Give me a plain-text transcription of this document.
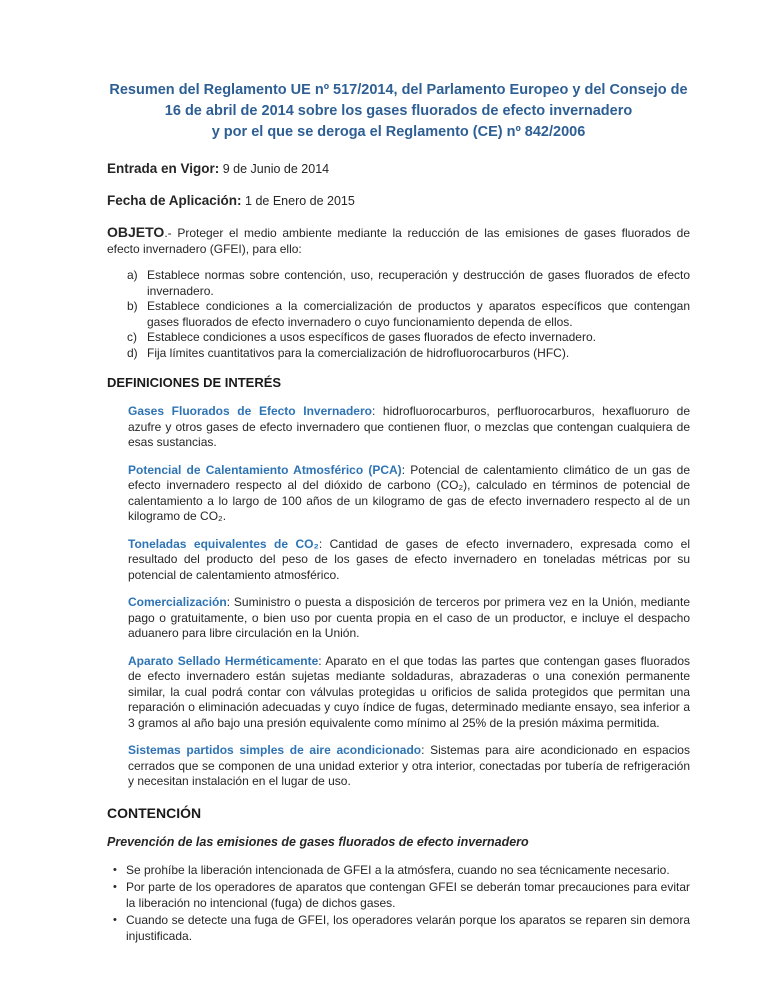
Resumen del Reglamento UE nº 517/2014, del Parlamento Europeo y del Consejo de
16 de abril de 2014 sobre los gases fluorados de efecto invernadero
y por el que se deroga el Reglamento (CE) nº 842/2006
Entrada en Vigor: 9 de Junio de 2014
Fecha de Aplicación: 1 de Enero de 2015

OBJETO.- Proteger el medio ambiente mediante la reducción de las emisiones de gases fluorados de efecto invernadero (GFEI), para ello:

a) Establece normas sobre contención, uso, recuperación y destrucción de gases fluorados de efecto invernadero.
b) Establece condiciones a la comercialización de productos y aparatos específicos que contengan gases fluorados de efecto invernadero o cuyo funcionamiento dependa de ellos.
c) Establece condiciones a usos específicos de gases fluorados de efecto invernadero.
d) Fija límites cuantitativos para la comercialización de hidrofluorocarburos (HFC).
DEFINICIONES DE INTERÉS

Gases Fluorados de Efecto Invernadero: hidrofluorocarburos, perfluorocarburos, hexafluoruro de azufre y otros gases de efecto invernadero que contienen fluor, o mezclas que contengan cualquiera de esas sustancias.

Potencial de Calentamiento Atmosférico (PCA): Potencial de calentamiento climático de un gas de efecto invernadero respecto al del dióxido de carbono (CO₂), calculado en términos de potencial de calentamiento a lo largo de 100 años de un kilogramo de gas de efecto invernadero respecto al de un kilogramo de CO₂.

Toneladas equivalentes de CO₂: Cantidad de gases de efecto invernadero, expresada como el resultado del producto del peso de los gases de efecto invernadero en toneladas métricas por su potencial de calentamiento atmosférico.

Comercialización: Suministro o puesta a disposición de terceros por primera vez en la Unión, mediante pago o gratuitamente, o bien uso por cuenta propia en el caso de un productor, e incluye el despacho aduanero para libre circulación en la Unión.

Aparato Sellado Herméticamente: Aparato en el que todas las partes que contengan gases fluorados de efecto invernadero están sujetas mediante soldaduras, abrazaderas o una conexión permanente similar, la cual podrá contar con válvulas protegidas u orificios de salida protegidos que permitan una reparación o eliminación adecuadas y cuyo índice de fugas, determinado mediante ensayo, sea inferior a 3 gramos al año bajo una presión equivalente como mínimo al 25% de la presión máxima permitida.

Sistemas partidos simples de aire acondicionado: Sistemas para aire acondicionado en espacios cerrados que se componen de una unidad exterior y otra interior, conectadas por tubería de refrigeración y necesitan instalación en el lugar de uso.

CONTENCIÓN
Prevención de las emisiones de gases fluorados de efecto invernadero
• Se prohíbe la liberación intencionada de GFEI a la atmósfera, cuando no sea técnicamente necesario.
• Por parte de los operadores de aparatos que contengan GFEI se deberán tomar precauciones para evitar la liberación no intencional (fuga) de dichos gases.
• Cuando se detecte una fuga de GFEI, los operadores velarán porque los aparatos se reparen sin demora injustificada.
